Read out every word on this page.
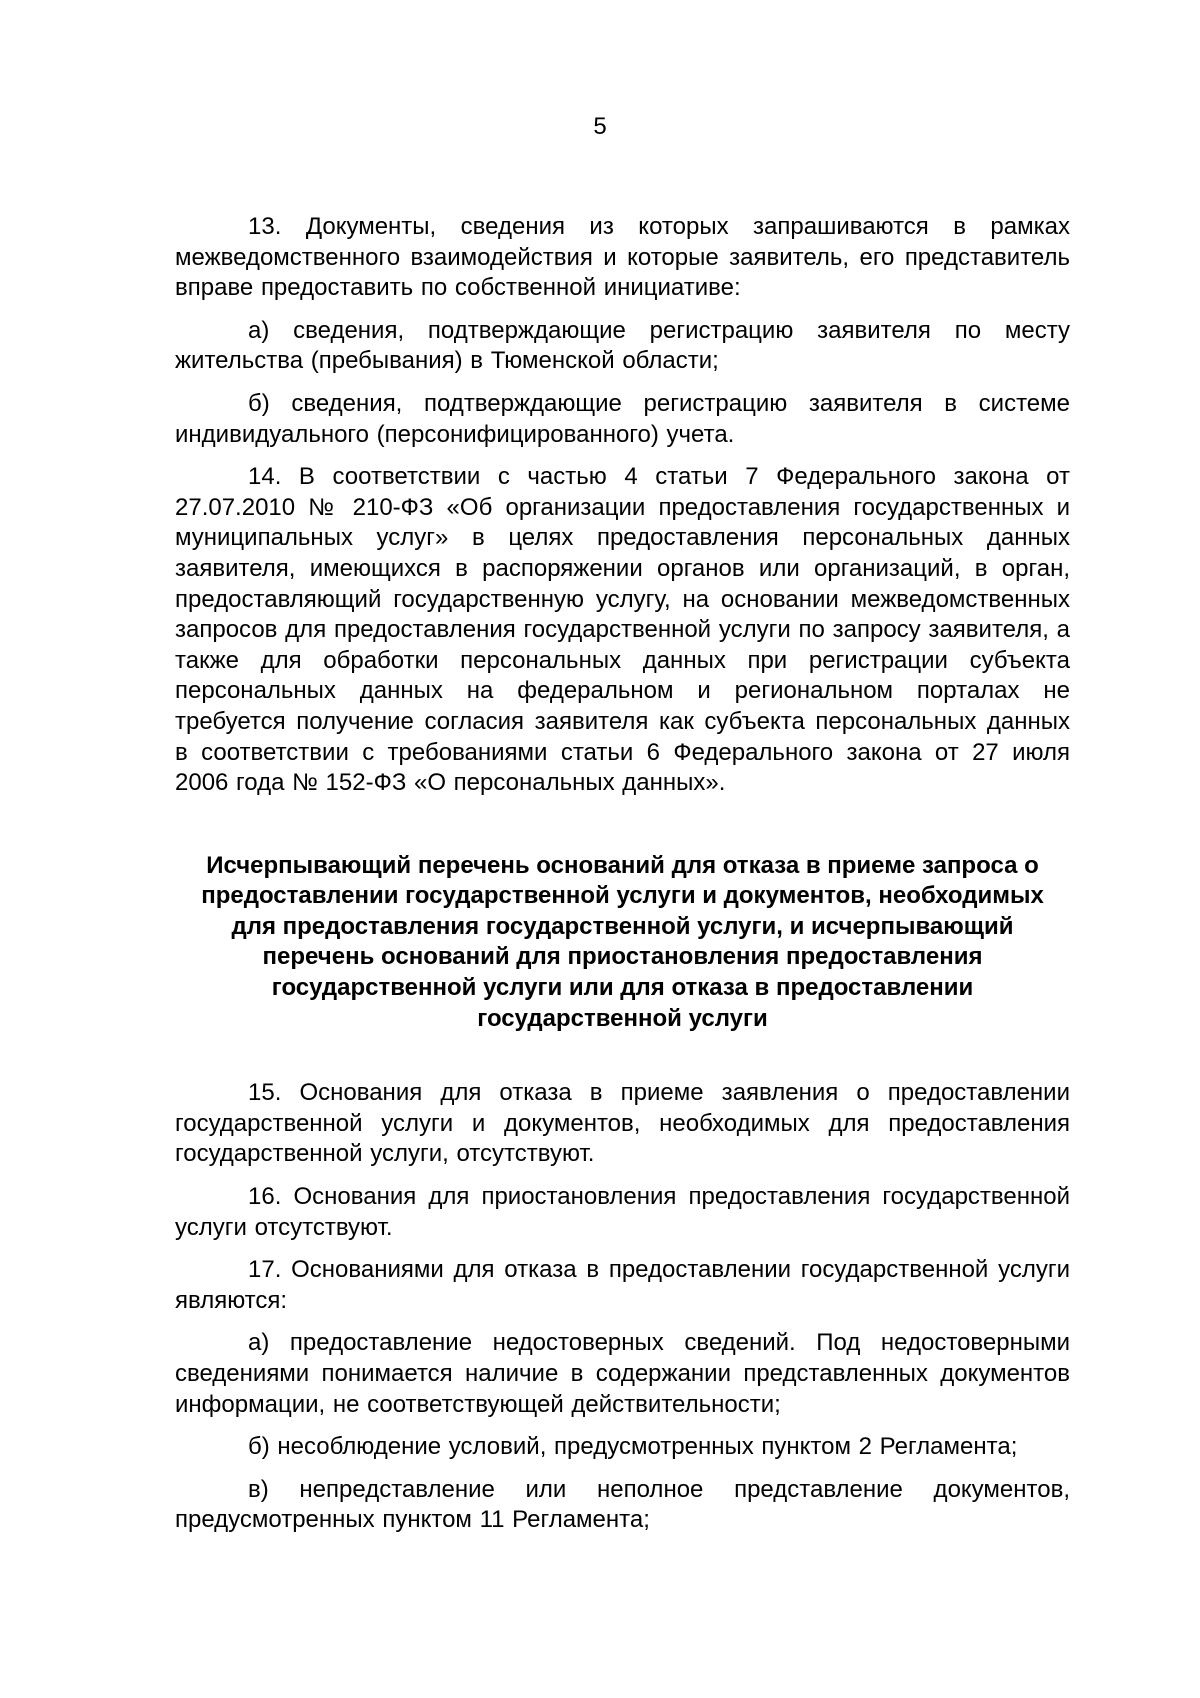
5

13. Документы, сведения из которых запрашиваются в рамках межведомственного взаимодействия и которые заявитель, его представитель вправе предоставить по собственной инициативе:

а) сведения, подтверждающие регистрацию заявителя по месту жительства (пребывания) в Тюменской области;

б) сведения, подтверждающие регистрацию заявителя в системе индивидуального (персонифицированного) учета.

14. В соответствии с частью 4 статьи 7 Федерального закона от 27.07.2010 № 210-ФЗ «Об организации предоставления государственных и муниципальных услуг» в целях предоставления персональных данных заявителя, имеющихся в распоряжении органов или организаций, в орган, предоставляющий государственную услугу, на основании межведомственных запросов для предоставления государственной услуги по запросу заявителя, а также для обработки персональных данных при регистрации субъекта персональных данных на федеральном и региональном порталах не требуется получение согласия заявителя как субъекта персональных данных в соответствии с требованиями статьи 6 Федерального закона от 27 июля 2006 года № 152-ФЗ «О персональных данных».

Исчерпывающий перечень оснований для отказа в приеме запроса о предоставлении государственной услуги и документов, необходимых для предоставления государственной услуги, и исчерпывающий перечень оснований для приостановления предоставления государственной услуги или для отказа в предоставлении государственной услуги

15. Основания для отказа в приеме заявления о предоставлении государственной услуги и документов, необходимых для предоставления государственной услуги, отсутствуют.

16. Основания для приостановления предоставления государственной услуги отсутствуют.

17. Основаниями для отказа в предоставлении государственной услуги являются:

а) предоставление недостоверных сведений. Под недостоверными сведениями понимается наличие в содержании представленных документов информации, не соответствующей действительности;

б) несоблюдение условий, предусмотренных пунктом 2 Регламента;

в) непредставление или неполное представление документов, предусмотренных пунктом 11 Регламента;
